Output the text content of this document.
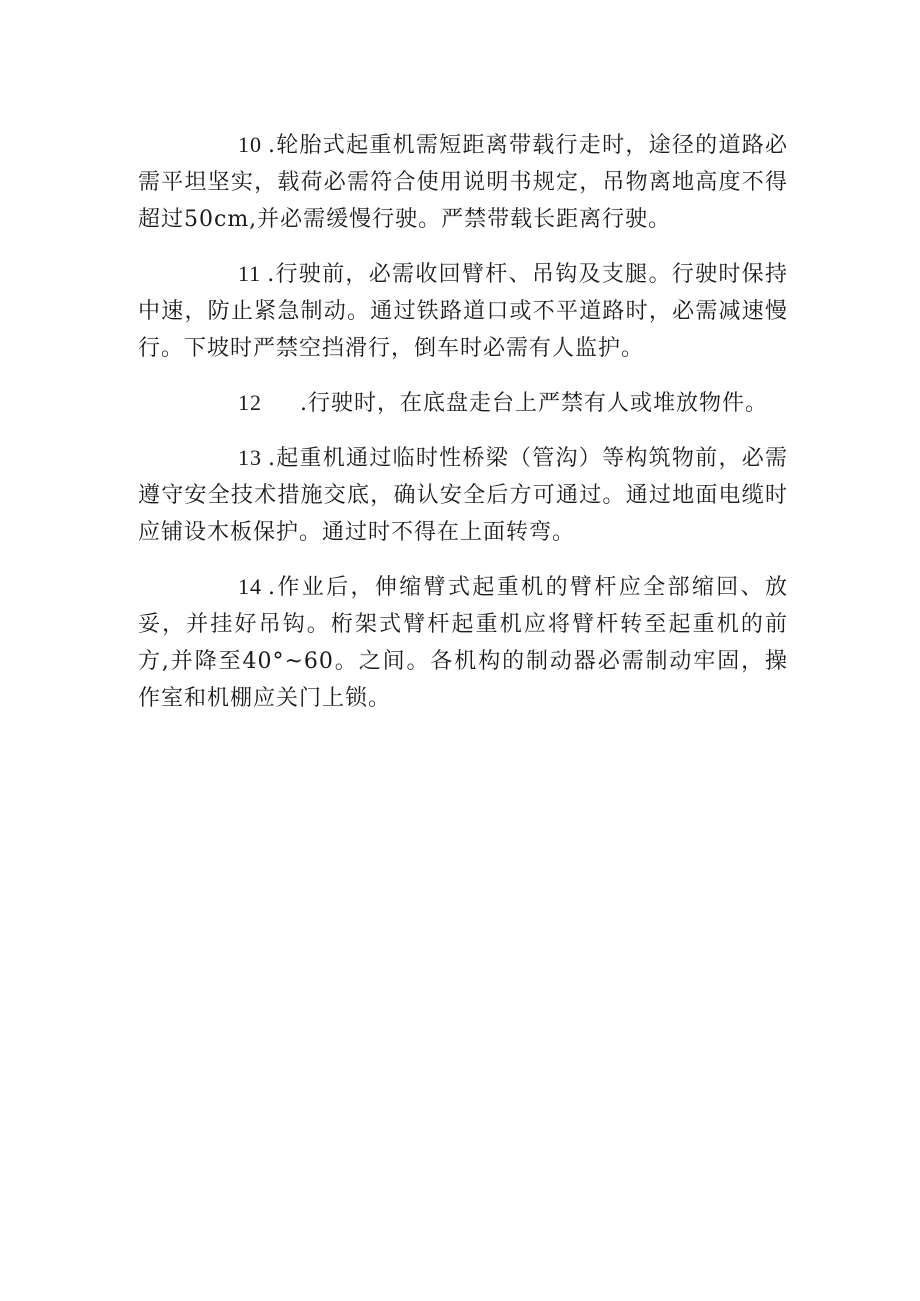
10 .轮胎式起重机需短距离带载行走时，途径的道路必需平坦坚实，载荷必需符合使用说明书规定，吊物离地高度不得超过50cm,并必需缓慢行驶。严禁带载长距离行驶。

11 .行驶前，必需收回臂杆、吊钩及支腿。行驶时保持中速，防止紧急制动。通过铁路道口或不平道路时，必需减速慢行。下坡时严禁空挡滑行，倒车时必需有人监护。

12 .行驶时，在底盘走台上严禁有人或堆放物件。

13 .起重机通过临时性桥梁（管沟）等构筑物前，必需遵守安全技术措施交底，确认安全后方可通过。通过地面电缆时应铺设木板保护。通过时不得在上面转弯。

14 .作业后，伸缩臂式起重机的臂杆应全部缩回、放妥，并挂好吊钩。桁架式臂杆起重机应将臂杆转至起重机的前方,并降至40°~60。之间。各机构的制动器必需制动牢固，操作室和机棚应关门上锁。
